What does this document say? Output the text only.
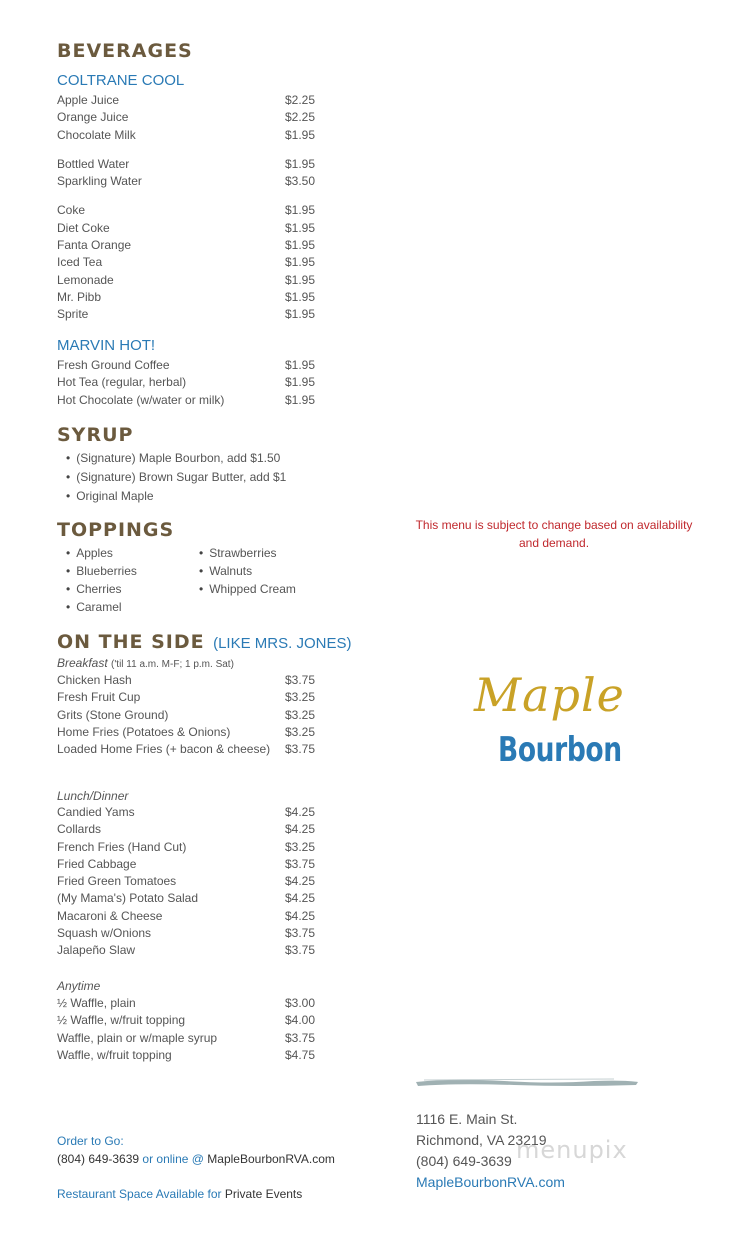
BEVERAGES
COLTRANE COOL
Apple Juice	$2.25
Orange Juice	$2.25
Chocolate Milk	$1.95
Bottled Water	$1.95
Sparkling Water	$3.50
Coke	$1.95
Diet Coke	$1.95
Fanta Orange	$1.95
Iced Tea	$1.95
Lemonade	$1.95
Mr. Pibb	$1.95
Sprite	$1.95
MARVIN HOT!
Fresh Ground Coffee	$1.95
Hot Tea (regular, herbal)	$1.95
Hot Chocolate (w/water or milk)	$1.95
SYRUP
• (Signature) Maple Bourbon, add $1.50
• (Signature) Brown Sugar Butter, add $1
• Original Maple
TOPPINGS
• Apples
• Blueberries
• Cherries
• Caramel
• Strawberries
• Walnuts
• Whipped Cream
ON THE SIDE (LIKE MRS. JONES)
Breakfast ('til 11 a.m. M-F; 1 p.m. Sat)
Chicken Hash	$3.75
Fresh Fruit Cup	$3.25
Grits (Stone Ground)	$3.25
Home Fries (Potatoes & Onions)	$3.25
Loaded Home Fries (+ bacon & cheese) $3.75
Lunch/Dinner
Candied Yams	$4.25
Collards	$4.25
French Fries (Hand Cut)	$3.25
Fried Cabbage	$3.75
Fried Green Tomatoes	$4.25
(My Mama's) Potato Salad	$4.25
Macaroni & Cheese	$4.25
Squash w/Onions	$3.75
Jalapeño Slaw	$3.75
Anytime
½ Waffle, plain	$3.00
½ Waffle, w/fruit topping	$4.00
Waffle, plain or w/maple syrup	$3.75
Waffle, w/fruit topping	$4.75
Order to Go:
(804) 649-3639 or online @ MapleBourbonRVA.com
Restaurant Space Available for Private Events
This menu is subject to change based on availability
and demand.
Maple
Bourbon
1116 E. Main St.
Richmond, VA 23219
(804) 649-3639
MapleBourbonRVA.com
menupix
